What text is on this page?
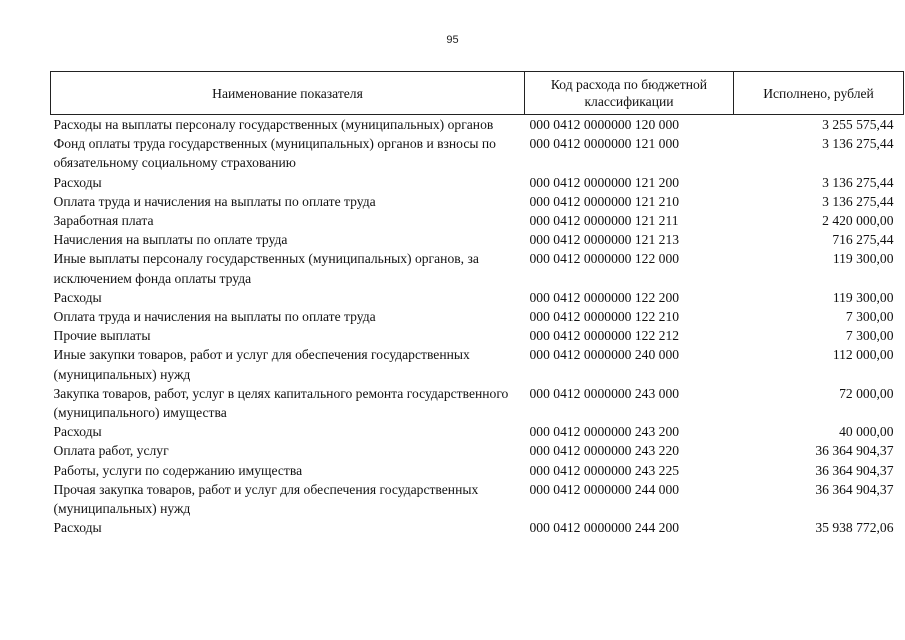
95
Наименование показателя	Код расхода по бюджетной классификации	Исполнено, рублей
Расходы на выплаты персоналу государственных (муниципальных) органов	000 0412 0000000 120 000	3 255 575,44
Фонд оплаты труда государственных (муниципальных) органов и взносы по обязательному социальному страхованию	000 0412 0000000 121 000	3 136 275,44
Расходы	000 0412 0000000 121 200	3 136 275,44
Оплата труда и начисления на выплаты по оплате труда	000 0412 0000000 121 210	3 136 275,44
Заработная плата	000 0412 0000000 121 211	2 420 000,00
Начисления на выплаты по оплате труда	000 0412 0000000 121 213	716 275,44
Иные выплаты персоналу государственных (муниципальных) органов, за исключением фонда оплаты труда	000 0412 0000000 122 000	119 300,00
Расходы	000 0412 0000000 122 200	119 300,00
Оплата труда и начисления на выплаты по оплате труда	000 0412 0000000 122 210	7 300,00
Прочие выплаты	000 0412 0000000 122 212	7 300,00
Иные закупки товаров, работ и услуг для обеспечения государственных (муниципальных) нужд	000 0412 0000000 240 000	112 000,00
Закупка товаров, работ, услуг в целях капитального ремонта государственного (муниципального) имущества	000 0412 0000000 243 000	72 000,00
Расходы	000 0412 0000000 243 200	40 000,00
Оплата работ, услуг	000 0412 0000000 243 220	36 364 904,37
Работы, услуги по содержанию имущества	000 0412 0000000 243 225	36 364 904,37
Прочая закупка товаров, работ и услуг для обеспечения государственных (муниципальных) нужд	000 0412 0000000 244 000	36 364 904,37
Расходы	000 0412 0000000 244 200	35 938 772,06
